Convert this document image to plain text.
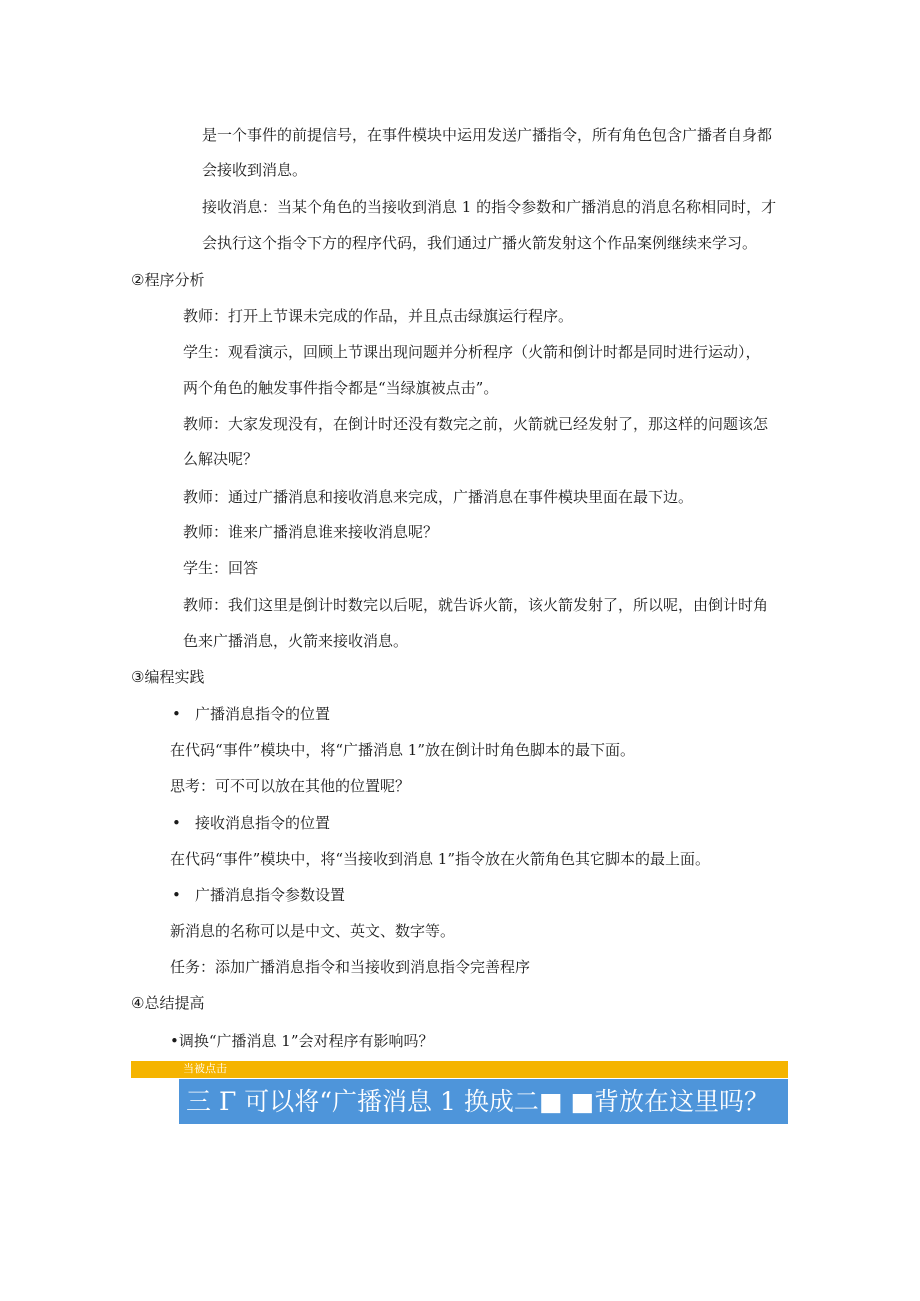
是一个事件的前提信号，在事件模块中运用发送广播指令，所有角色包含广播者自身都
会接收到消息。
接收消息：当某个角色的当接收到消息 1 的指令参数和广播消息的消息名称相同时，才
会执行这个指令下方的程序代码，我们通过广播火箭发射这个作品案例继续来学习。
②程序分析
教师：打开上节课未完成的作品，并且点击绿旗运行程序。
学生：观看演示，回顾上节课出现问题并分析程序（火箭和倒计时都是同时进行运动），
两个角色的触发事件指令都是“当绿旗被点击”。
教师：大家发现没有，在倒计时还没有数完之前，火箭就已经发射了，那这样的问题该怎
么解决呢？
教师：通过广播消息和接收消息来完成，广播消息在事件模块里面在最下边。
教师：谁来广播消息谁来接收消息呢？
学生：回答
教师：我们这里是倒计时数完以后呢，就告诉火箭，该火箭发射了，所以呢，由倒计时角
色来广播消息，火箭来接收消息。
③编程实践
• 广播消息指令的位置
在代码“事件”模块中，将“广播消息 1”放在倒计时角色脚本的最下面。
思考：可不可以放在其他的位置呢？
• 接收消息指令的位置
在代码“事件”模块中，将“当接收到消息 1”指令放在火箭角色其它脚本的最上面。
• 广播消息指令参数设置
新消息的名称可以是中文、英文、数字等。
任务：添加广播消息指令和当接收到消息指令完善程序
④总结提高
•调换“广播消息 1”会对程序有影响吗？
当被点击
三 Γ 可以将“广播消息 1 换成二■ ■背放在这里吗？
